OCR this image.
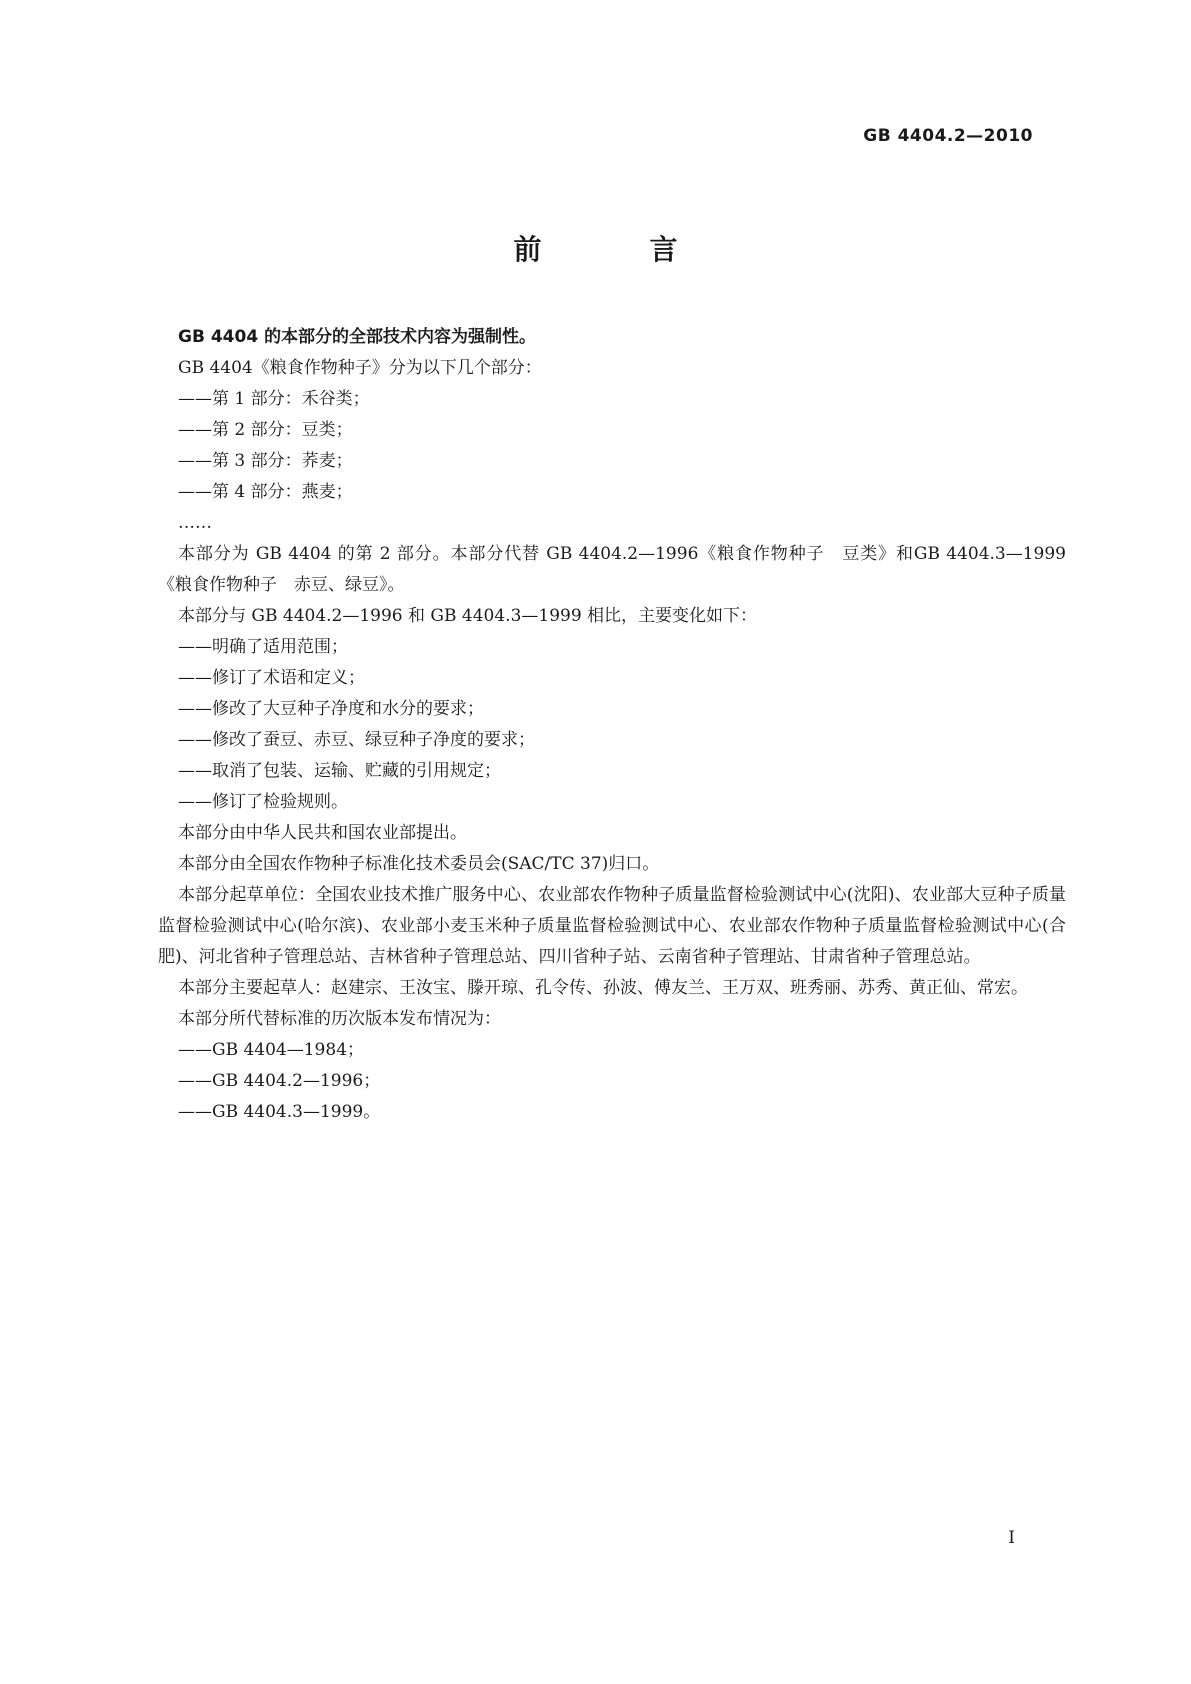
GB 4404.2—2010
前　言

GB 4404 的本部分的全部技术内容为强制性。

GB 4404《粮食作物种子》分为以下几个部分：

——第 1 部分：禾谷类；

——第 2 部分：豆类；

——第 3 部分：荞麦；

——第 4 部分：燕麦；

……

本部分为 GB 4404 的第 2 部分。本部分代替 GB 4404.2—1996《粮食作物种子　豆类》和GB 4404.3—1999《粮食作物种子　赤豆、绿豆》。

本部分与 GB 4404.2—1996 和 GB 4404.3—1999 相比，主要变化如下：

——明确了适用范围；

——修订了术语和定义；

——修改了大豆种子净度和水分的要求；

——修改了蚕豆、赤豆、绿豆种子净度的要求；

——取消了包装、运输、贮藏的引用规定；

——修订了检验规则。

本部分由中华人民共和国农业部提出。

本部分由全国农作物种子标准化技术委员会(SAC/TC 37)归口。

本部分起草单位：全国农业技术推广服务中心、农业部农作物种子质量监督检验测试中心(沈阳)、农业部大豆种子质量监督检验测试中心(哈尔滨)、农业部小麦玉米种子质量监督检验测试中心、农业部农作物种子质量监督检验测试中心(合肥)、河北省种子管理总站、吉林省种子管理总站、四川省种子站、云南省种子管理站、甘肃省种子管理总站。

本部分主要起草人：赵建宗、王汝宝、滕开琼、孔令传、孙波、傅友兰、王万双、班秀丽、苏秀、黄正仙、常宏。

本部分所代替标准的历次版本发布情况为：

——GB 4404—1984；

——GB 4404.2—1996；

——GB 4404.3—1999。

I
